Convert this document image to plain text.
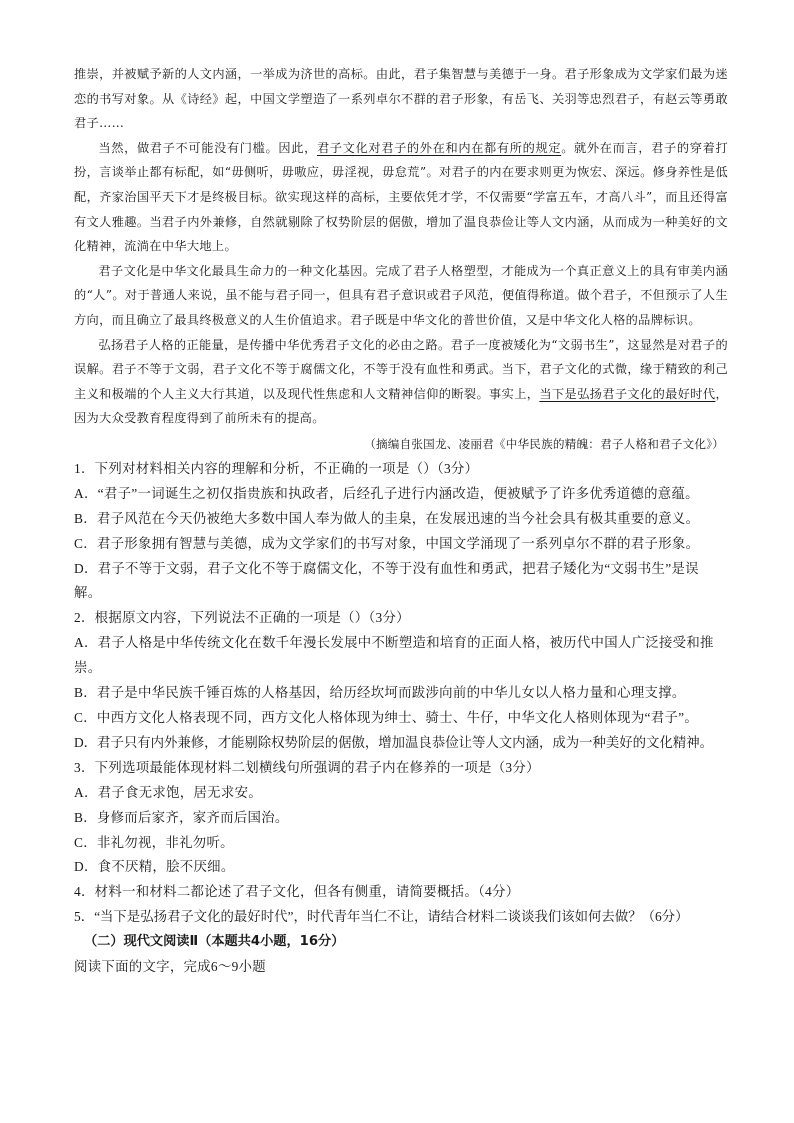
推崇，并被赋予新的人文内涵，一举成为济世的高标。由此，君子集智慧与美德于一身。君子形象成为文学家们最为迷恋的书写对象。从《诗经》起，中国文学塑造了一系列卓尔不群的君子形象，有岳飞、关羽等忠烈君子，有赵云等勇敢君子……

当然，做君子不可能没有门槛。因此，君子文化对君子的外在和内在都有所的规定。就外在而言，君子的穿着打扮，言谈举止都有标配，如“毋侧听，毋嗷应，毋淫视，毋怠荒”。对君子的内在要求则更为恢宏、深远。修身养性是低配，齐家治国平天下才是终极目标。欲实现这样的高标，主要依凭才学，不仅需要“学富五车，才高八斗”，而且还得富有文人雅趣。当君子内外兼修，自然就剔除了权势阶层的倨傲，增加了温良恭俭让等人文内涵，从而成为一种美好的文化精神，流淌在中华大地上。

君子文化是中华文化最具生命力的一种文化基因。完成了君子人格塑型，才能成为一个真正意义上的具有审美内涵的“人”。对于普通人来说，虽不能与君子同一，但具有君子意识或君子风范，便值得称道。做个君子，不但预示了人生方向，而且确立了最具终极意义的人生价值追求。君子既是中华文化的普世价值，又是中华文化人格的品牌标识。

弘扬君子人格的正能量，是传播中华优秀君子文化的必由之路。君子一度被矮化为“文弱书生”，这显然是对君子的误解。君子不等于文弱，君子文化不等于腐儒文化，不等于没有血性和勇武。当下，君子文化的式微，缘于精致的利己主义和极端的个人主义大行其道，以及现代性焦虑和人文精神信仰的断裂。事实上，当下是弘扬君子文化的最好时代，因为大众受教育程度得到了前所未有的提高。

（摘编自张国龙、凌丽君《中华民族的精魄：君子人格和君子文化》）
1．下列对材料相关内容的理解和分析，不正确的一项是（）（3分）
A．“君子”一词诞生之初仅指贵族和执政者，后经孔子进行内涵改造，便被赋予了许多优秀道德的意蕴。
B．君子风范在今天仍被绝大多数中国人奉为做人的圭臬，在发展迅速的当今社会具有极其重要的意义。
C．君子形象拥有智慧与美德，成为文学家们的书写对象，中国文学涌现了一系列卓尔不群的君子形象。
D．君子不等于文弱，君子文化不等于腐儒文化，不等于没有血性和勇武，把君子矮化为“文弱书生”是误
解。
2．根据原文内容，下列说法不正确的一项是（）（3分）
A．君子人格是中华传统文化在数千年漫长发展中不断塑造和培育的正面人格，被历代中国人广泛接受和推
崇。
B．君子是中华民族千锤百炼的人格基因，给历经坎坷而跋涉向前的中华儿女以人格力量和心理支撑。
C．中西方文化人格表现不同，西方文化人格体现为绅士、骑士、牛仔，中华文化人格则体现为“君子”。
D．君子只有内外兼修，才能剔除权势阶层的倨傲，增加温良恭俭让等人文内涵，成为一种美好的文化精神。
3．下列选项最能体现材料二划横线句所强调的君子内在修养的一项是（3分）
A．君子食无求饱，居无求安。
B．身修而后家齐，家齐而后国治。
C．非礼勿视，非礼勿听。
D．食不厌精，脍不厌细。
4．材料一和材料二都论述了君子文化，但各有侧重，请简要概括。（4分）
5．“当下是弘扬君子文化的最好时代”，时代青年当仁不让，请结合材料二谈谈我们该如何去做？（6分）
（二）现代文阅读Ⅱ（本题共4小题，16分）
阅读下面的文字，完成6～9小题
